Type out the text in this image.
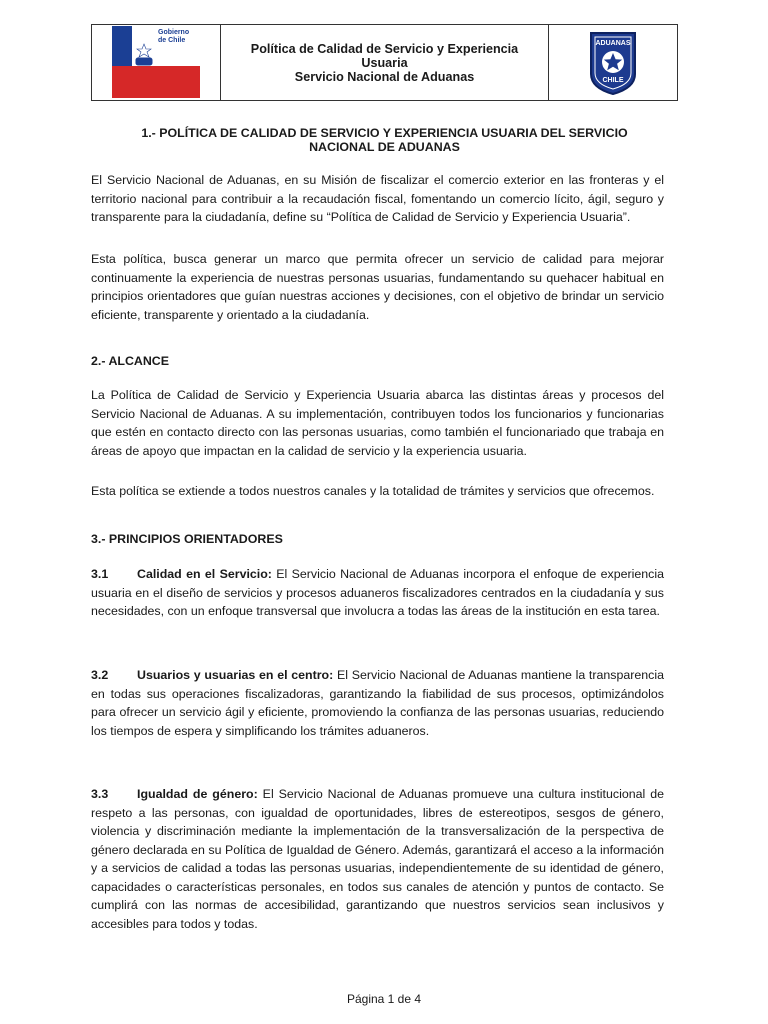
Gobierno
de Chile
Política de Calidad de Servicio y Experiencia
Usuaria
Servicio Nacional de Aduanas
ADUANAS
CHILE
1.- POLÍTICA DE CALIDAD DE SERVICIO Y EXPERIENCIA USUARIA DEL SERVICIO NACIONAL DE ADUANAS
El Servicio Nacional de Aduanas, en su Misión de fiscalizar el comercio exterior en las fronteras y el territorio nacional para contribuir a la recaudación fiscal, fomentando un comercio lícito, ágil, seguro y transparente para la ciudadanía, define su “Política de Calidad de Servicio y Experiencia Usuaria”.
Esta política, busca generar un marco que permita ofrecer un servicio de calidad para mejorar continuamente la experiencia de nuestras personas usuarias, fundamentando su quehacer habitual en principios orientadores que guían nuestras acciones y decisiones, con el objetivo de brindar un servicio eficiente, transparente y orientado a la ciudadanía.
2.- ALCANCE
La Política de Calidad de Servicio y Experiencia Usuaria abarca las distintas áreas y procesos del Servicio Nacional de Aduanas. A su implementación, contribuyen todos los funcionarios y funcionarias que estén en contacto directo con las personas usuarias, como también el funcionariado que trabaja en áreas de apoyo que impactan en la calidad de servicio y la experiencia usuaria.
Esta política se extiende a todos nuestros canales y la totalidad de trámites y servicios que ofrecemos.
3.- PRINCIPIOS ORIENTADORES
3.1 Calidad en el Servicio: El Servicio Nacional de Aduanas incorpora el enfoque de experiencia usuaria en el diseño de servicios y procesos aduaneros fiscalizadores centrados en la ciudadanía y sus necesidades, con un enfoque transversal que involucra a todas las áreas de la institución en esta tarea.
3.2 Usuarios y usuarias en el centro: El Servicio Nacional de Aduanas mantiene la transparencia en todas sus operaciones fiscalizadoras, garantizando la fiabilidad de sus procesos, optimizándolos para ofrecer un servicio ágil y eficiente, promoviendo la confianza de las personas usuarias, reduciendo los tiempos de espera y simplificando los trámites aduaneros.
3.3 Igualdad de género: El Servicio Nacional de Aduanas promueve una cultura institucional de respeto a las personas, con igualdad de oportunidades, libres de estereotipos, sesgos de género, violencia y discriminación mediante la implementación de la transversalización de la perspectiva de género declarada en su Política de Igualdad de Género. Además, garantizará el acceso a la información y a servicios de calidad a todas las personas usuarias, independientemente de su identidad de género, capacidades o características personales, en todos sus canales de atención y puntos de contacto. Se cumplirá con las normas de accesibilidad, garantizando que nuestros servicios sean inclusivos y accesibles para todos y todas.
Página 1 de 4
